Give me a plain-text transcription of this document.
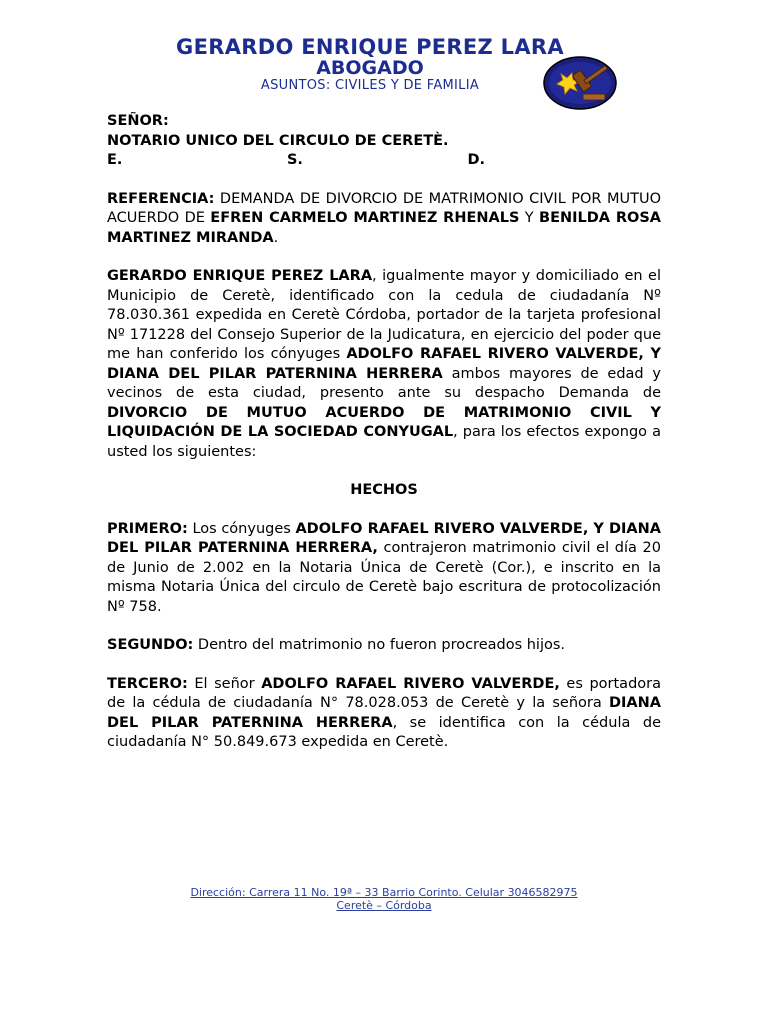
GERARDO ENRIQUE PEREZ LARA
ABOGADO
ASUNTOS: CIVILES Y DE FAMILIA

SEÑOR:

NOTARIO UNICO DEL CIRCULO DE CERETÈ.

E.	S.	D.

REFERENCIA: DEMANDA DE DIVORCIO DE MATRIMONIO CIVIL POR MUTUO ACUERDO DE EFREN CARMELO MARTINEZ RHENALS Y BENILDA ROSA MARTINEZ MIRANDA.

GERARDO ENRIQUE PEREZ LARA, igualmente mayor y domiciliado en el Municipio de Ceretè, identificado con la cedula de ciudadanía Nº 78.030.361 expedida en Ceretè Córdoba, portador de la tarjeta profesional Nº 171228 del Consejo Superior de la Judicatura, en ejercicio del poder que me han conferido los cónyuges ADOLFO RAFAEL RIVERO VALVERDE, Y DIANA DEL PILAR PATERNINA HERRERA ambos mayores de edad y vecinos de esta ciudad, presento ante su despacho Demanda de DIVORCIO DE MUTUO ACUERDO DE MATRIMONIO CIVIL Y LIQUIDACIÓN DE LA SOCIEDAD CONYUGAL, para los efectos expongo a usted los siguientes:

HECHOS

PRIMERO: Los cónyuges ADOLFO RAFAEL RIVERO VALVERDE, Y DIANA DEL PILAR PATERNINA HERRERA, contrajeron matrimonio civil el día 20 de Junio de 2.002 en la Notaria Única de Ceretè (Cor.), e inscrito en la misma Notaria Única del circulo de Ceretè bajo escritura de protocolización Nº 758.

SEGUNDO: Dentro del matrimonio no fueron procreados hijos.

TERCERO: El señor ADOLFO RAFAEL RIVERO VALVERDE, es portadora de la cédula de ciudadanía N° 78.028.053 de Ceretè y la señora DIANA DEL PILAR PATERNINA HERRERA, se identifica con la cédula de ciudadanía N° 50.849.673 expedida en Ceretè.

Dirección: Carrera 11 No. 19ª – 33 Barrio Corinto. Celular 3046582975
Ceretè – Córdoba
